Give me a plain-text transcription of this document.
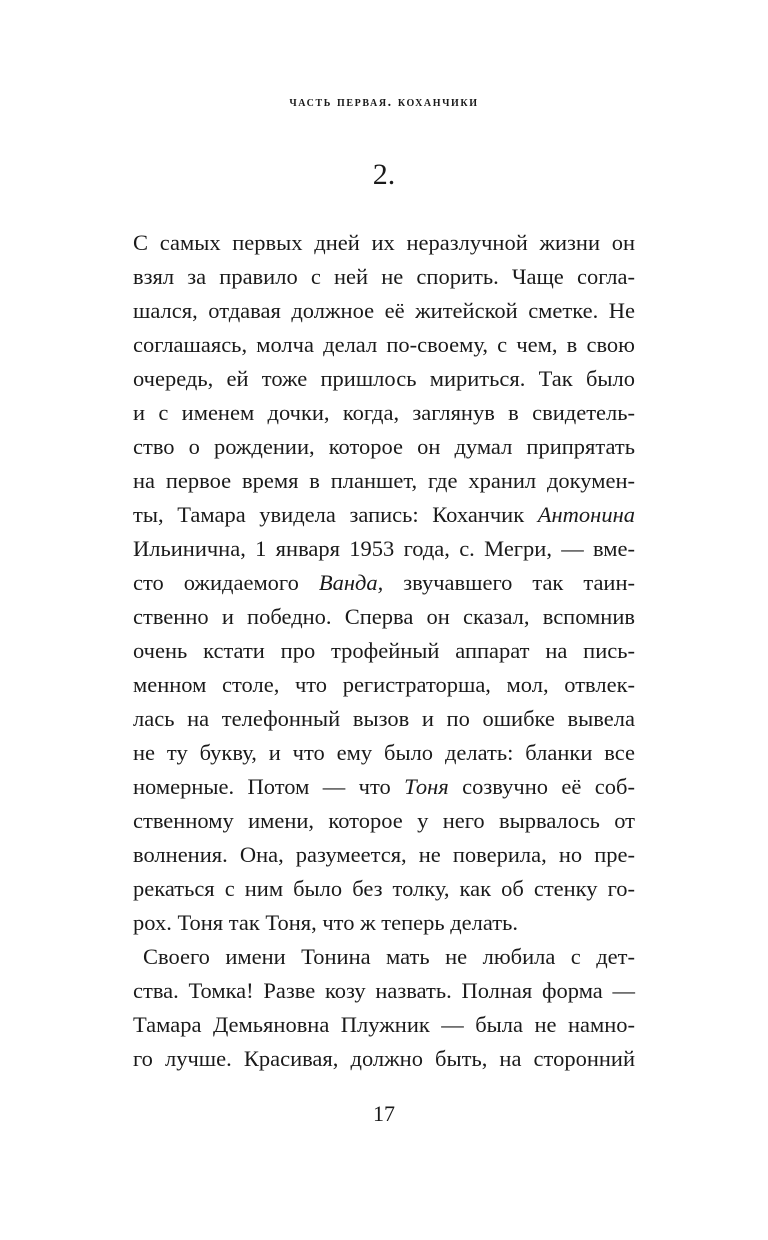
часть первая. коханчики
2.
С самых первых дней их неразлучной жизни он
взял за правило с ней не спорить. Чаще согла-
шался, отдавая должное её житейской сметке. Не
соглашаясь, молча делал по-своему, с чем, в свою
очередь, ей тоже пришлось мириться. Так было
и с именем дочки, когда, заглянув в свидетель-
ство о рождении, которое он думал припрятать
на первое время в планшет, где хранил докумен-
ты, Тамара увидела запись: Коханчик Антонина
Ильинична, 1 января 1953 года, с. Мегри, — вме-
сто ожидаемого Ванда, звучавшего так таин-
ственно и победно. Сперва он сказал, вспомнив
очень кстати про трофейный аппарат на пись-
менном столе, что регистраторша, мол, отвлек-
лась на телефонный вызов и по ошибке вывела
не ту букву, и что ему было делать: бланки все
номерные. Потом — что Тоня созвучно её соб-
ственному имени, которое у него вырвалось от
волнения. Она, разумеется, не поверила, но пре-
рекаться с ним было без толку, как об стенку го-
рох. Тоня так Тоня, что ж теперь делать.
Своего имени Тонина мать не любила с дет-
ства. Томка! Разве козу назвать. Полная форма —
Тамара Демьяновна Плужник — была не намно-
го лучше. Красивая, должно быть, на сторонний
17
